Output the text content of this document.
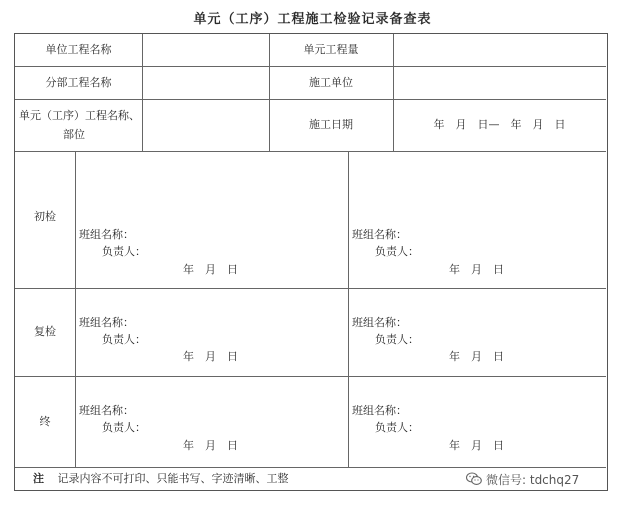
单元（工序）工程施工检验记录备查表
单位工程名称	单元工程量
分部工程名称	施工单位
单元（工序）工程名称、
部位
施工日期	年　月　日—　年　月　日
初检
班组名称：
负责人：
年　月　日
班组名称：
负责人：
年　月　日
复检
班组名称：
负责人：
年　月　日
班组名称：
负责人：
年　月　日
终
班组名称：
负责人：
年　月　日
班组名称：
负责人：
年　月　日
注 记录内容不可打印、只能书写、字迹清晰、工整	微信号: tdchq27
